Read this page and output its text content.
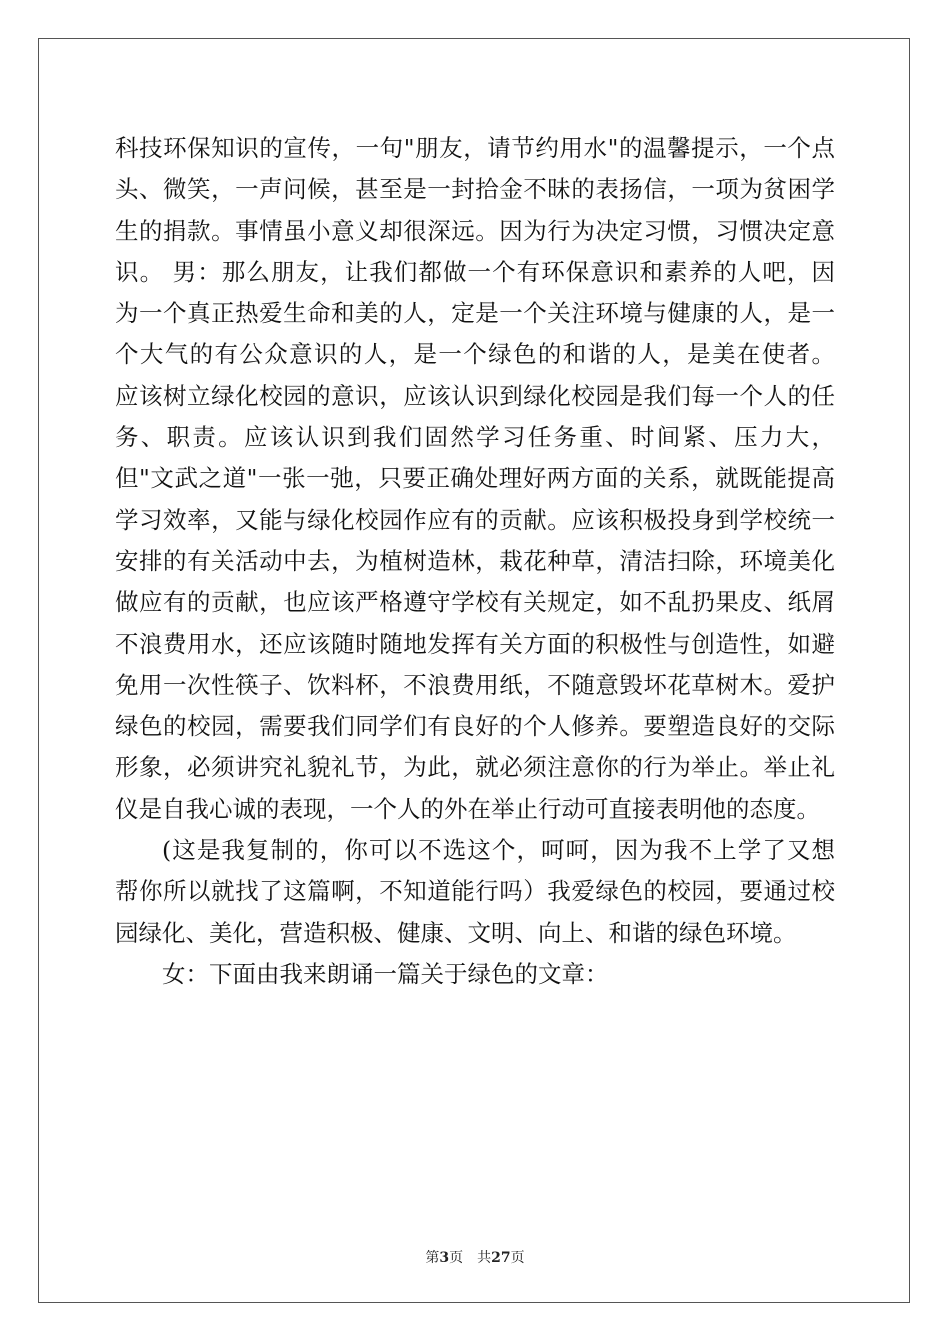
科技环保知识的宣传，一句"朋友，请节约用水"的温馨提示，一个点
头、微笑，一声问候，甚至是一封拾金不昧的表扬信，一项为贫困学
生的捐款。事情虽小意义却很深远。因为行为决定习惯，习惯决定意
识。 男：那么朋友，让我们都做一个有环保意识和素养的人吧，因
为一个真正热爱生命和美的人，定是一个关注环境与健康的人，是一
个大气的有公众意识的人，是一个绿色的和谐的人，是美在使者。
应该树立绿化校园的意识，应该认识到绿化校园是我们每一个人的任
务、职责。应该认识到我们固然学习任务重、时间紧、压力大，
但"文武之道"一张一弛，只要正确处理好两方面的关系，就既能提高
学习效率，又能与绿化校园作应有的贡献。应该积极投身到学校统一
安排的有关活动中去，为植树造林，栽花种草，清洁扫除，环境美化
做应有的贡献，也应该严格遵守学校有关规定，如不乱扔果皮、纸屑
不浪费用水，还应该随时随地发挥有关方面的积极性与创造性，如避
免用一次性筷子、饮料杯，不浪费用纸，不随意毁坏花草树木。爱护
绿色的校园，需要我们同学们有良好的个人修养。要塑造良好的交际
形象，必须讲究礼貌礼节，为此，就必须注意你的行为举止。举止礼
仪是自我心诚的表现，一个人的外在举止行动可直接表明他的态度。
(这是我复制的，你可以不选这个，呵呵，因为我不上学了又想
帮你所以就找了这篇啊，不知道能行吗）我爱绿色的校园，要通过校
园绿化、美化，营造积极、健康、文明、向上、和谐的绿色环境。
女：下面由我来朗诵一篇关于绿色的文章：
第3页 共27页
